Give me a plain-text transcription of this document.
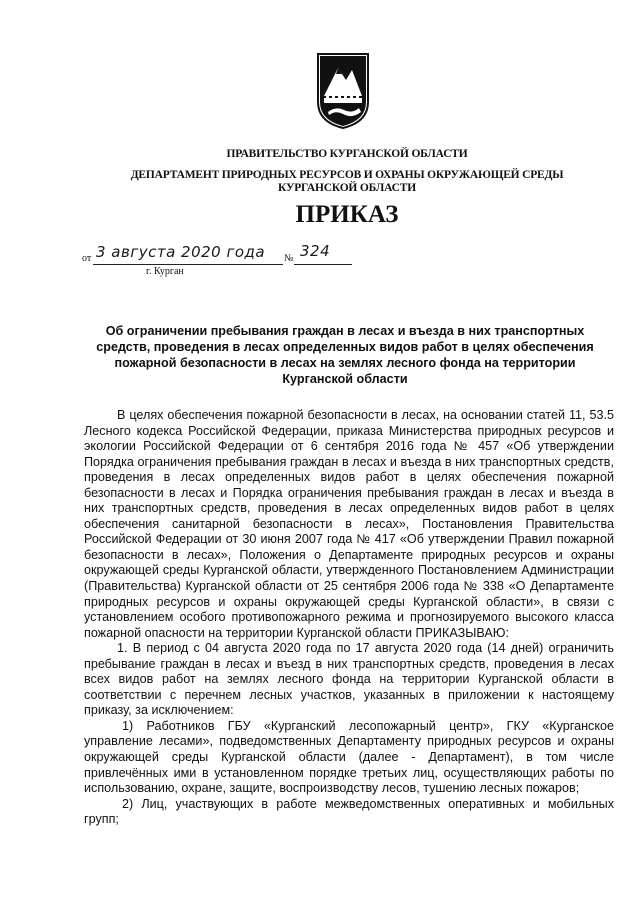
ПРАВИТЕЛЬСТВО КУРГАНСКОЙ ОБЛАСТИ
ДЕПАРТАМЕНТ ПРИРОДНЫХ РЕСУРСОВ И ОХРАНЫ ОКРУЖАЮЩЕЙ СРЕДЫ
КУРГАНСКОЙ ОБЛАСТИ
ПРИКАЗ
от 3 августа 2020 года № 324
г. Курган
Об ограничении пребывания граждан в лесах и въезда в них транспортных средств, проведения в лесах определенных видов работ в целях обеспечения пожарной безопасности в лесах на землях лесного фонда на территории Курганской области

В целях обеспечения пожарной безопасности в лесах, на основании статей 11, 53.5 Лесного кодекса Российской Федерации, приказа Министерства природных ресурсов и экологии Российской Федерации от 6 сентября 2016 года № 457 «Об утверждении Порядка ограничения пребывания граждан в лесах и въезда в них транспортных средств, проведения в лесах определенных видов работ в целях обеспечения пожарной безопасности в лесах и Порядка ограничения пребывания граждан в лесах и въезда в них транспортных средств, проведения в лесах определенных видов работ в целях обеспечения санитарной безопасности в лесах», Постановления Правительства Российской Федерации от 30 июня 2007 года № 417 «Об утверждении Правил пожарной безопасности в лесах», Положения о Департаменте природных ресурсов и охраны окружающей среды Курганской области, утвержденного Постановлением Администрации (Правительства) Курганской области от 25 сентября 2006 года № 338 «О Департаменте природных ресурсов и охраны окружающей среды Курганской области», в связи с установлением особого противопожарного режима и прогнозируемого высокого класса пожарной опасности на территории Курганской области ПРИКАЗЫВАЮ:

1. В период с 04 августа 2020 года по 17 августа 2020 года (14 дней) ограничить пребывание граждан в лесах и въезд в них транспортных средств, проведения в лесах всех видов работ на землях лесного фонда на территории Курганской области в соответствии с перечнем лесных участков, указанных в приложении к настоящему приказу, за исключением:

1) Работников ГБУ «Курганский лесопожарный центр», ГКУ «Курганское управление лесами», подведомственных Департаменту природных ресурсов и охраны окружающей среды Курганской области (далее - Департамент), в том числе привлечённых ими в установленном порядке третьих лиц, осуществляющих работы по использованию, охране, защите, воспроизводству лесов, тушению лесных пожаров;

2) Лиц, участвующих в работе межведомственных оперативных и мобильных групп;
